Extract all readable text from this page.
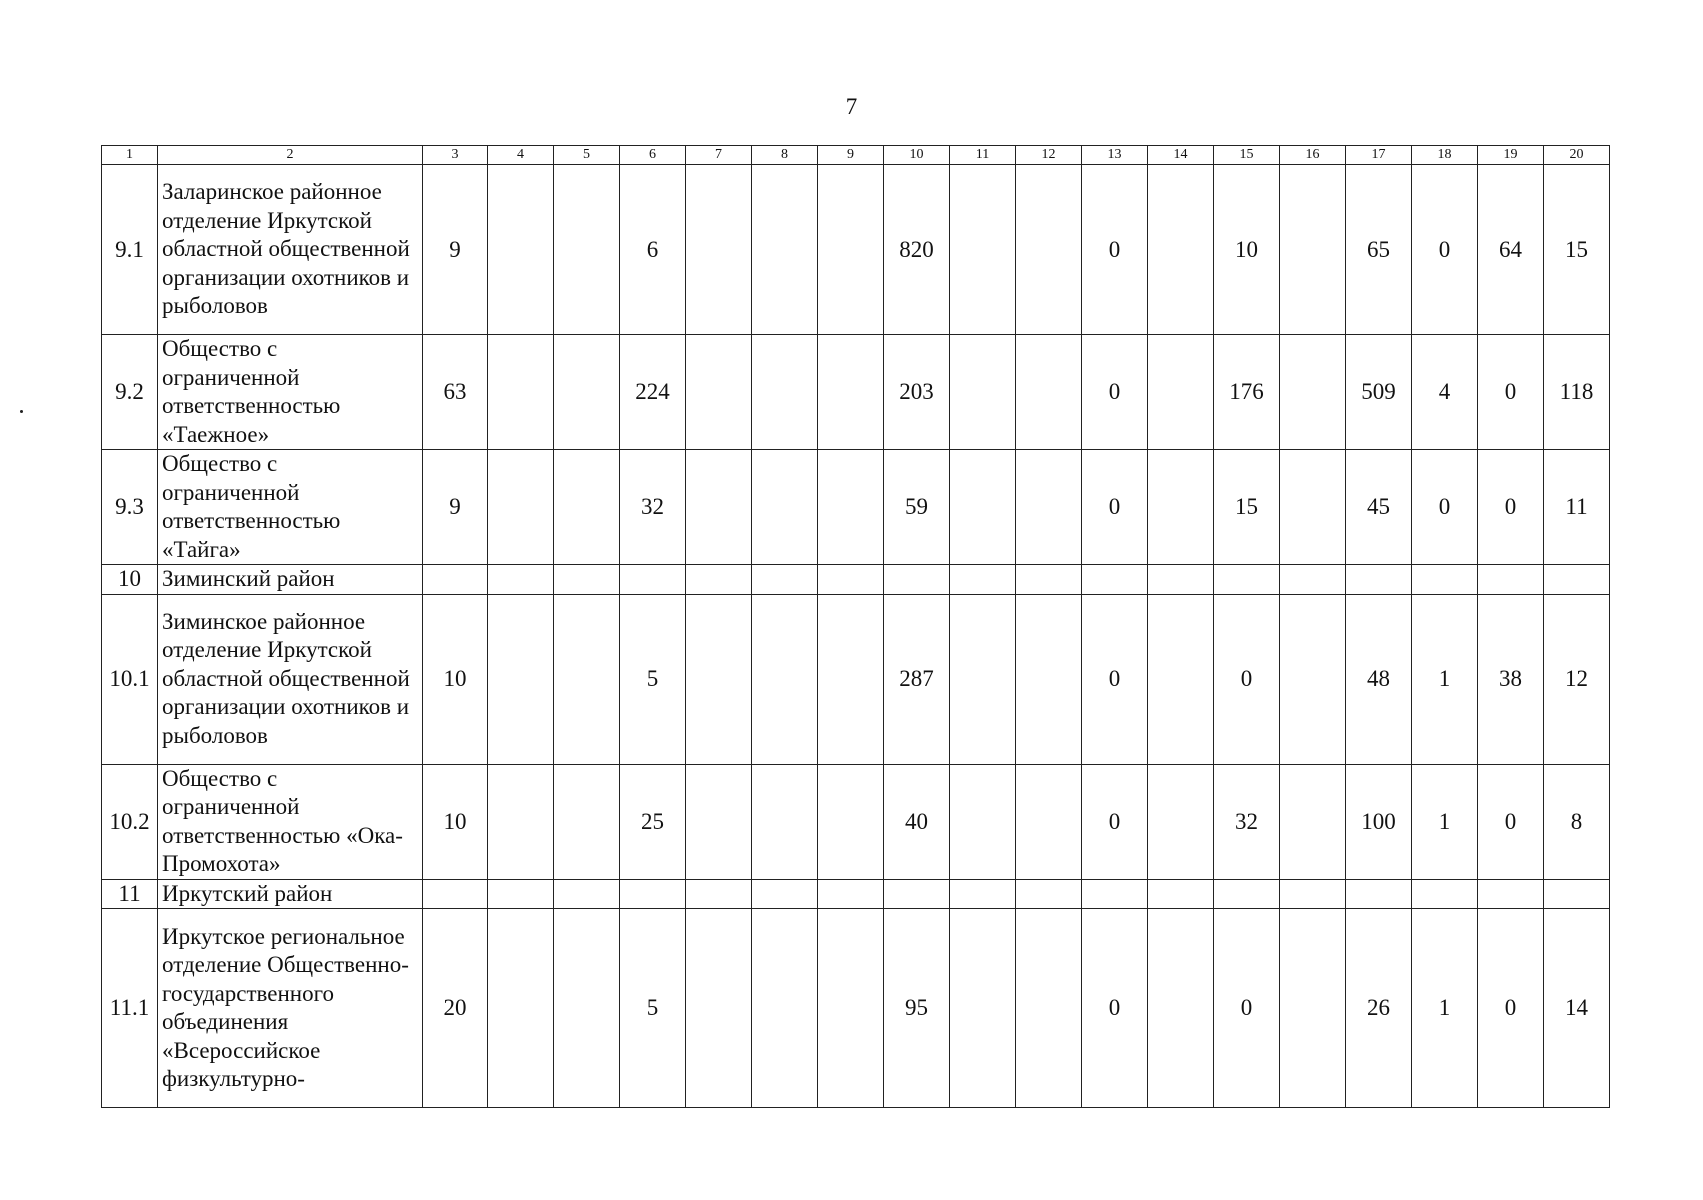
7
1	2	3	4	5	6	7	8	9	10	11	12	13	14	15	16	17	18	19	20
9.1	Заларинское районное отделение Иркутской областной общественной организации охотников и рыболовов	9			6				820			0		10		65	0	64	15
9.2	Общество с ограниченной ответственностью «Таежное»	63			224				203			0		176		509	4	0	118
9.3	Общество с ограниченной ответственностью «Тайга»	9			32				59			0		15		45	0	0	11
10	Зиминский район																		
10.1	Зиминское районное отделение Иркутской областной общественной организации охотников и рыболовов	10			5				287			0		0		48	1	38	12
10.2	Общество с ограниченной ответственностью «Ока-Промохота»	10			25				40			0		32		100	1	0	8
11	Иркутский район																		
11.1	Иркутское региональное отделение Общественно-государственного объединения «Всероссийское физкультурно-	20			5				95			0		0		26	1	0	14
